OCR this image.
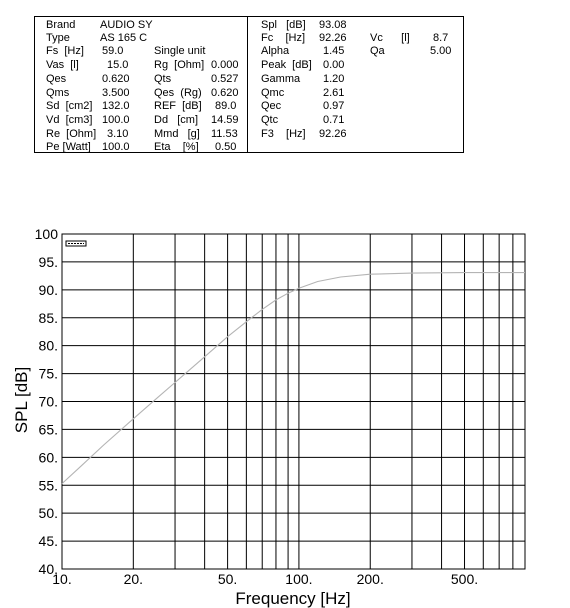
Brand AUDIO SY
Type	AS 165 C
Fs  [Hz] 59.0	Single unit
Vas  [l]	15.0 Rg  [Ohm] 0.000
Qes	0.620 Qts	0.527
Qms	3.500 Qes  (Rg) 0.620
Sd  [cm2] 132.0 REF  [dB] 89.0
Vd  [cm3] 100.0 Dd   [cm] 14.59
Re  [Ohm] 3.10 Mmd   [g] 11.53
Pe [Watt] 100.0 Eta    [%] 0.50
Spl   [dB] 93.08
Fc    [Hz] 92.26 Vc      [l] 8.7
Alpha	1.45 Qa	5.00
Peak  [dB] 0.00
Gamma 1.20
Qmc	2.61
Qec	0.97
Qtc	0.71
F3    [Hz] 92.26
40.
45.
50.
55.
60.
65.
70.
75.
80.
85.
90.
95.
100
10.	20.	50.	100.	200.	500.
Frequency [Hz]
SPL [dB]
